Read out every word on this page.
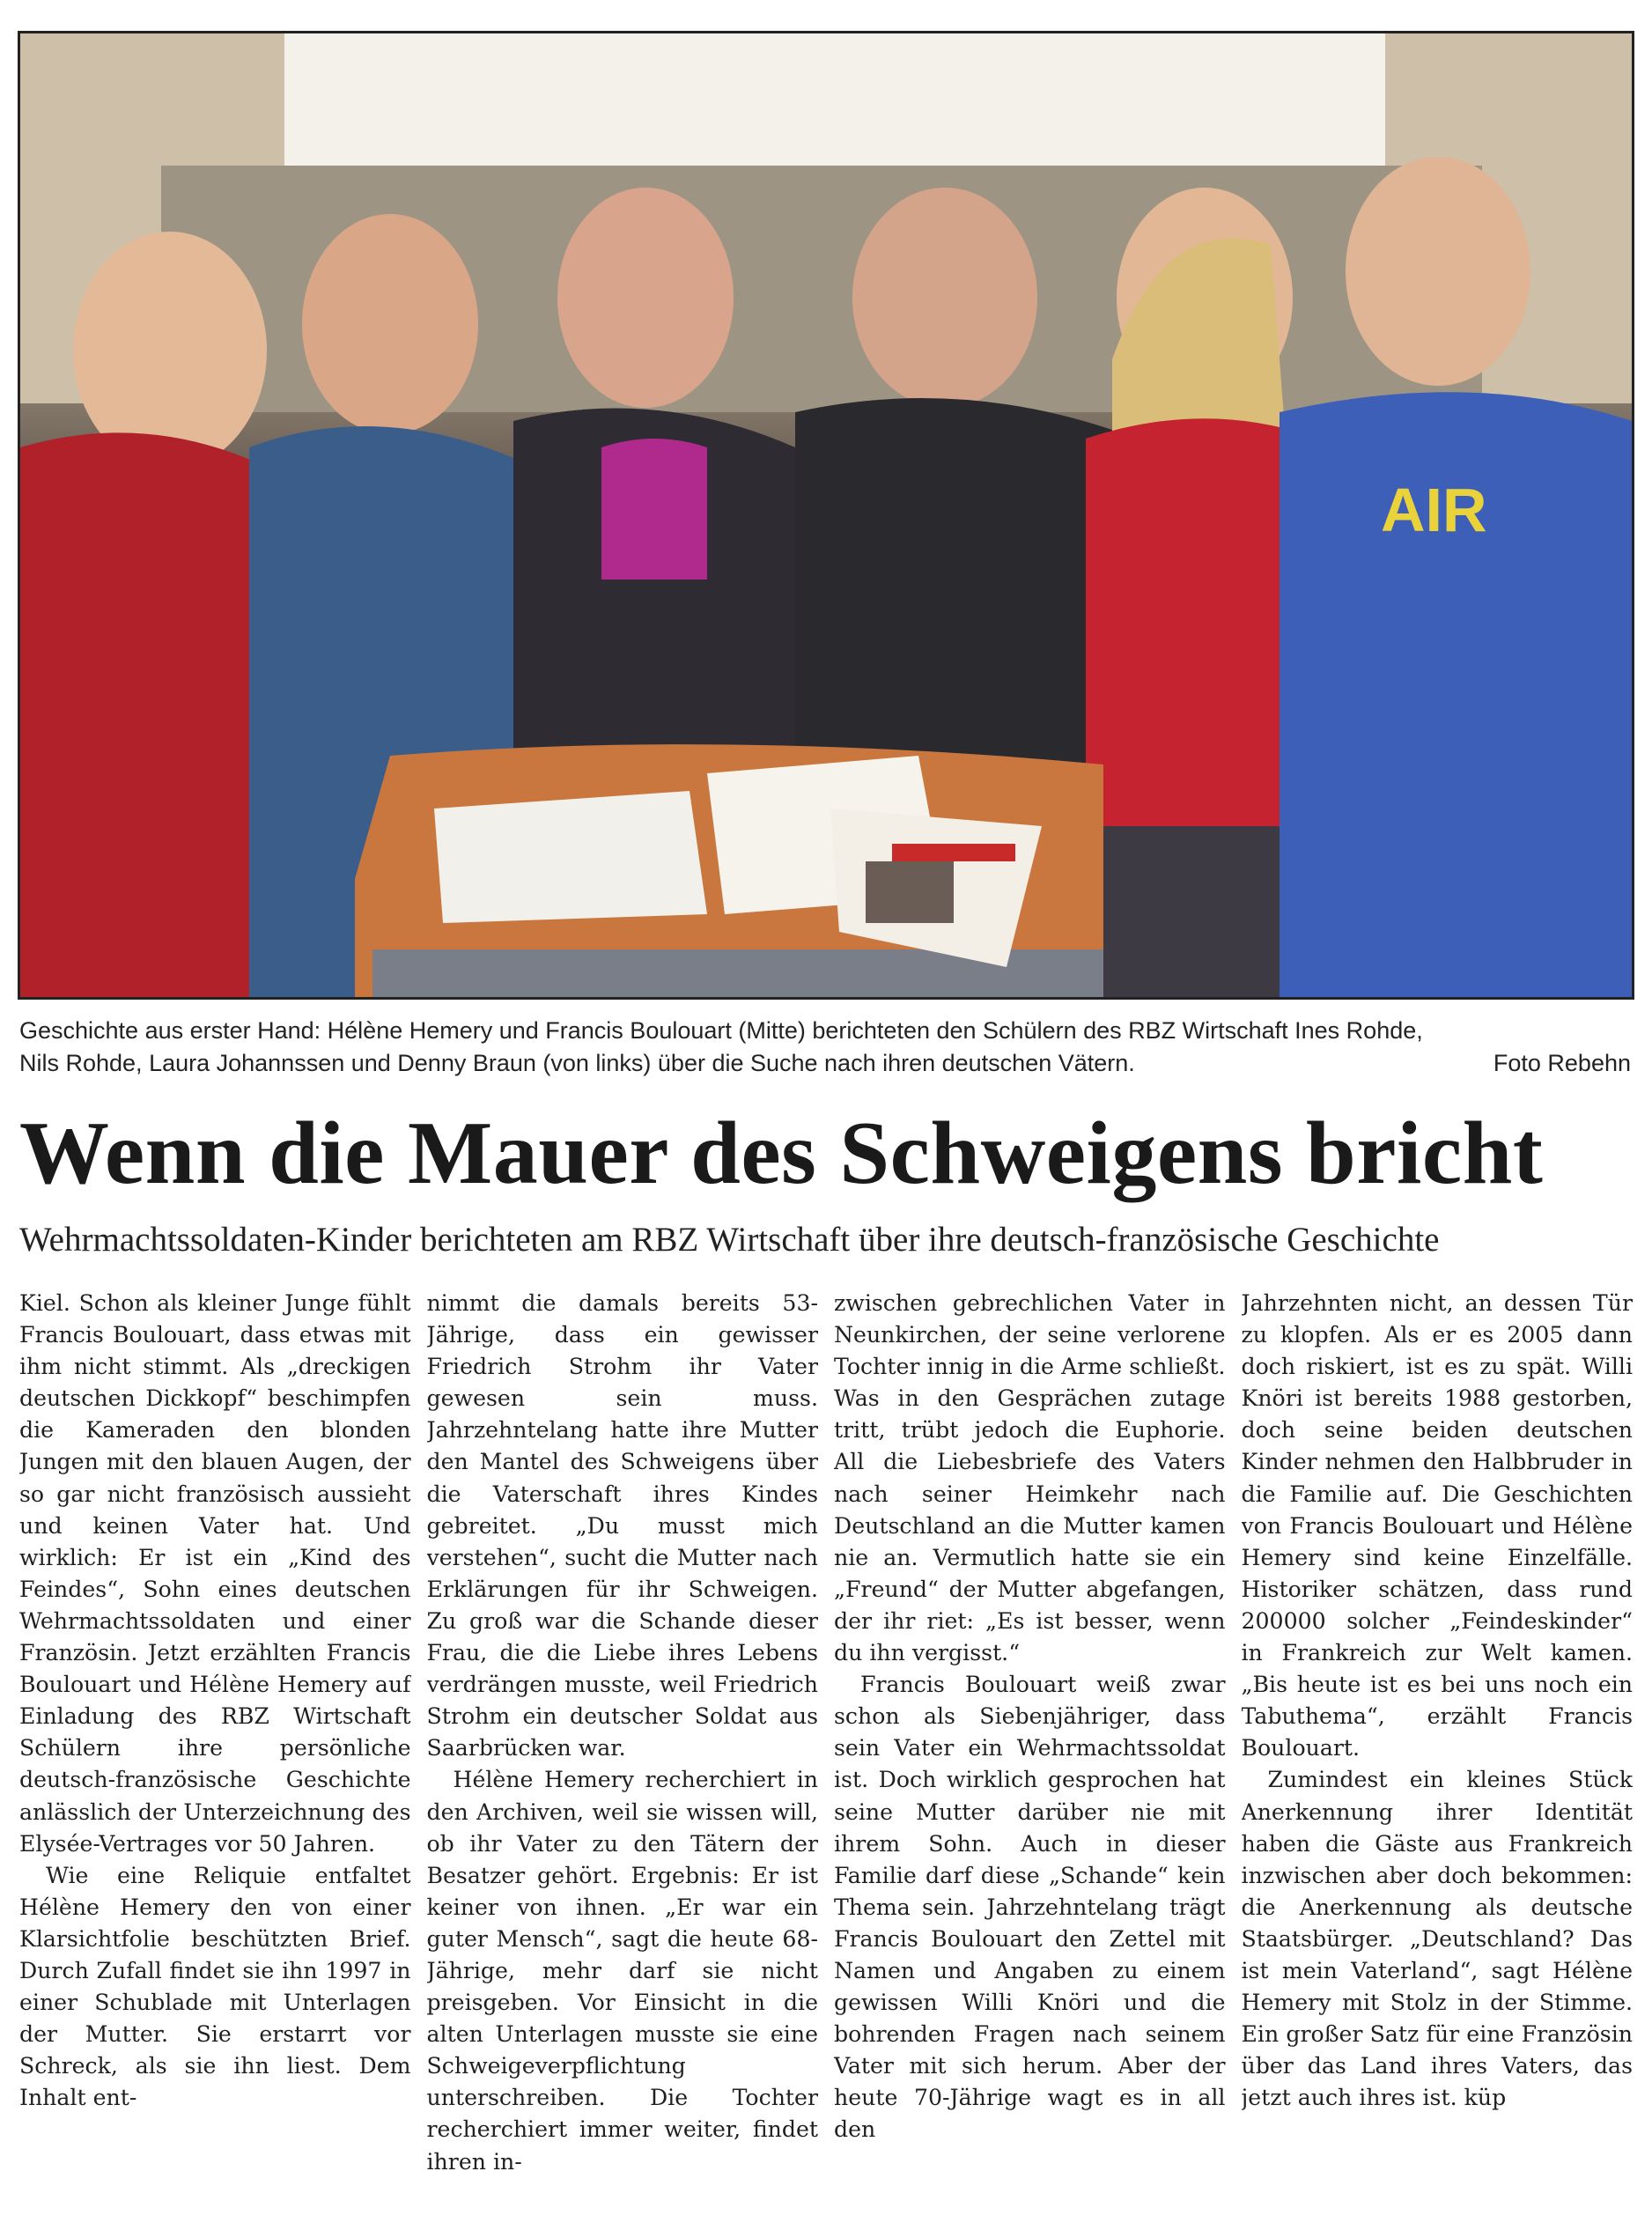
AIR
Geschichte aus erster Hand: Hélène Hemery und Francis Boulouart (Mitte) berichteten den Schülern des RBZ Wirtschaft Ines Rohde,
Nils Rohde, Laura Johannssen und Denny Braun (von links) über die Suche nach ihren deutschen Vätern.	Foto Rebehn
Wenn die Mauer des Schweigens bricht
Wehrmachtssoldaten-Kinder berichteten am RBZ Wirtschaft über ihre deutsch-französische Geschichte

Kiel. Schon als kleiner Junge fühlt Francis Boulouart, dass etwas mit ihm nicht stimmt. Als „dreckigen deutschen Dickkopf“ beschimpfen die Kameraden den blonden Jungen mit den blauen Augen, der so gar nicht französisch aussieht und keinen Vater hat. Und wirklich: Er ist ein „Kind des Feindes“, Sohn eines deutschen Wehrmachtssoldaten und einer Französin. Jetzt erzählten Francis Boulouart und Hélène Hemery auf Einladung des RBZ Wirtschaft Schülern ihre persönliche deutsch-französische Geschichte anlässlich der Unterzeichnung des Elysée-Vertrages vor 50 Jahren.

Wie eine Reliquie entfaltet Hélène Hemery den von einer Klarsichtfolie beschützten Brief. Durch Zufall findet sie ihn 1997 in einer Schublade mit Unterlagen der Mutter. Sie erstarrt vor Schreck, als sie ihn liest. Dem Inhalt ent-

nimmt die damals bereits 53-Jährige, dass ein gewisser Friedrich Strohm ihr Vater gewesen sein muss. Jahrzehntelang hatte ihre Mutter den Mantel des Schweigens über die Vaterschaft ihres Kindes gebreitet. „Du musst mich verstehen“, sucht die Mutter nach Erklärungen für ihr Schweigen. Zu groß war die Schande dieser Frau, die die Liebe ihres Lebens verdrängen musste, weil Friedrich Strohm ein deutscher Soldat aus Saarbrücken war.

Hélène Hemery recherchiert in den Archiven, weil sie wissen will, ob ihr Vater zu den Tätern der Besatzer gehört. Ergebnis: Er ist keiner von ihnen. „Er war ein guter Mensch“, sagt die heute 68-Jährige, mehr darf sie nicht preisgeben. Vor Einsicht in die alten Unterlagen musste sie eine Schweigeverpflichtung unterschreiben. Die Tochter recherchiert immer weiter, findet ihren in-

zwischen gebrechlichen Vater in Neunkirchen, der seine verlorene Tochter innig in die Arme schließt. Was in den Gesprächen zutage tritt, trübt jedoch die Euphorie. All die Liebesbriefe des Vaters nach seiner Heimkehr nach Deutschland an die Mutter kamen nie an. Vermutlich hatte sie ein „Freund“ der Mutter abgefangen, der ihr riet: „Es ist besser, wenn du ihn vergisst.“

Francis Boulouart weiß zwar schon als Siebenjähriger, dass sein Vater ein Wehrmachtssoldat ist. Doch wirklich gesprochen hat seine Mutter darüber nie mit ihrem Sohn. Auch in dieser Familie darf diese „Schande“ kein Thema sein. Jahrzehntelang trägt Francis Boulouart den Zettel mit Namen und Angaben zu einem gewissen Willi Knöri und die bohrenden Fragen nach seinem Vater mit sich herum. Aber der heute 70-Jährige wagt es in all den

Jahrzehnten nicht, an dessen Tür zu klopfen. Als er es 2005 dann doch riskiert, ist es zu spät. Willi Knöri ist bereits 1988 gestorben, doch seine beiden deutschen Kinder nehmen den Halbbruder in die Familie auf. Die Geschichten von Francis Boulouart und Hélène Hemery sind keine Einzelfälle. Historiker schätzen, dass rund 200000 solcher „Feindeskinder“ in Frankreich zur Welt kamen. „Bis heute ist es bei uns noch ein Tabuthema“, erzählt Francis Boulouart.

Zumindest ein kleines Stück Anerkennung ihrer Identität haben die Gäste aus Frankreich inzwischen aber doch bekommen: die Anerkennung als deutsche Staatsbürger. „Deutschland? Das ist mein Vaterland“, sagt Hélène Hemery mit Stolz in der Stimme. Ein großer Satz für eine Französin über das Land ihres Vaters, das jetzt auch ihres ist. küp
